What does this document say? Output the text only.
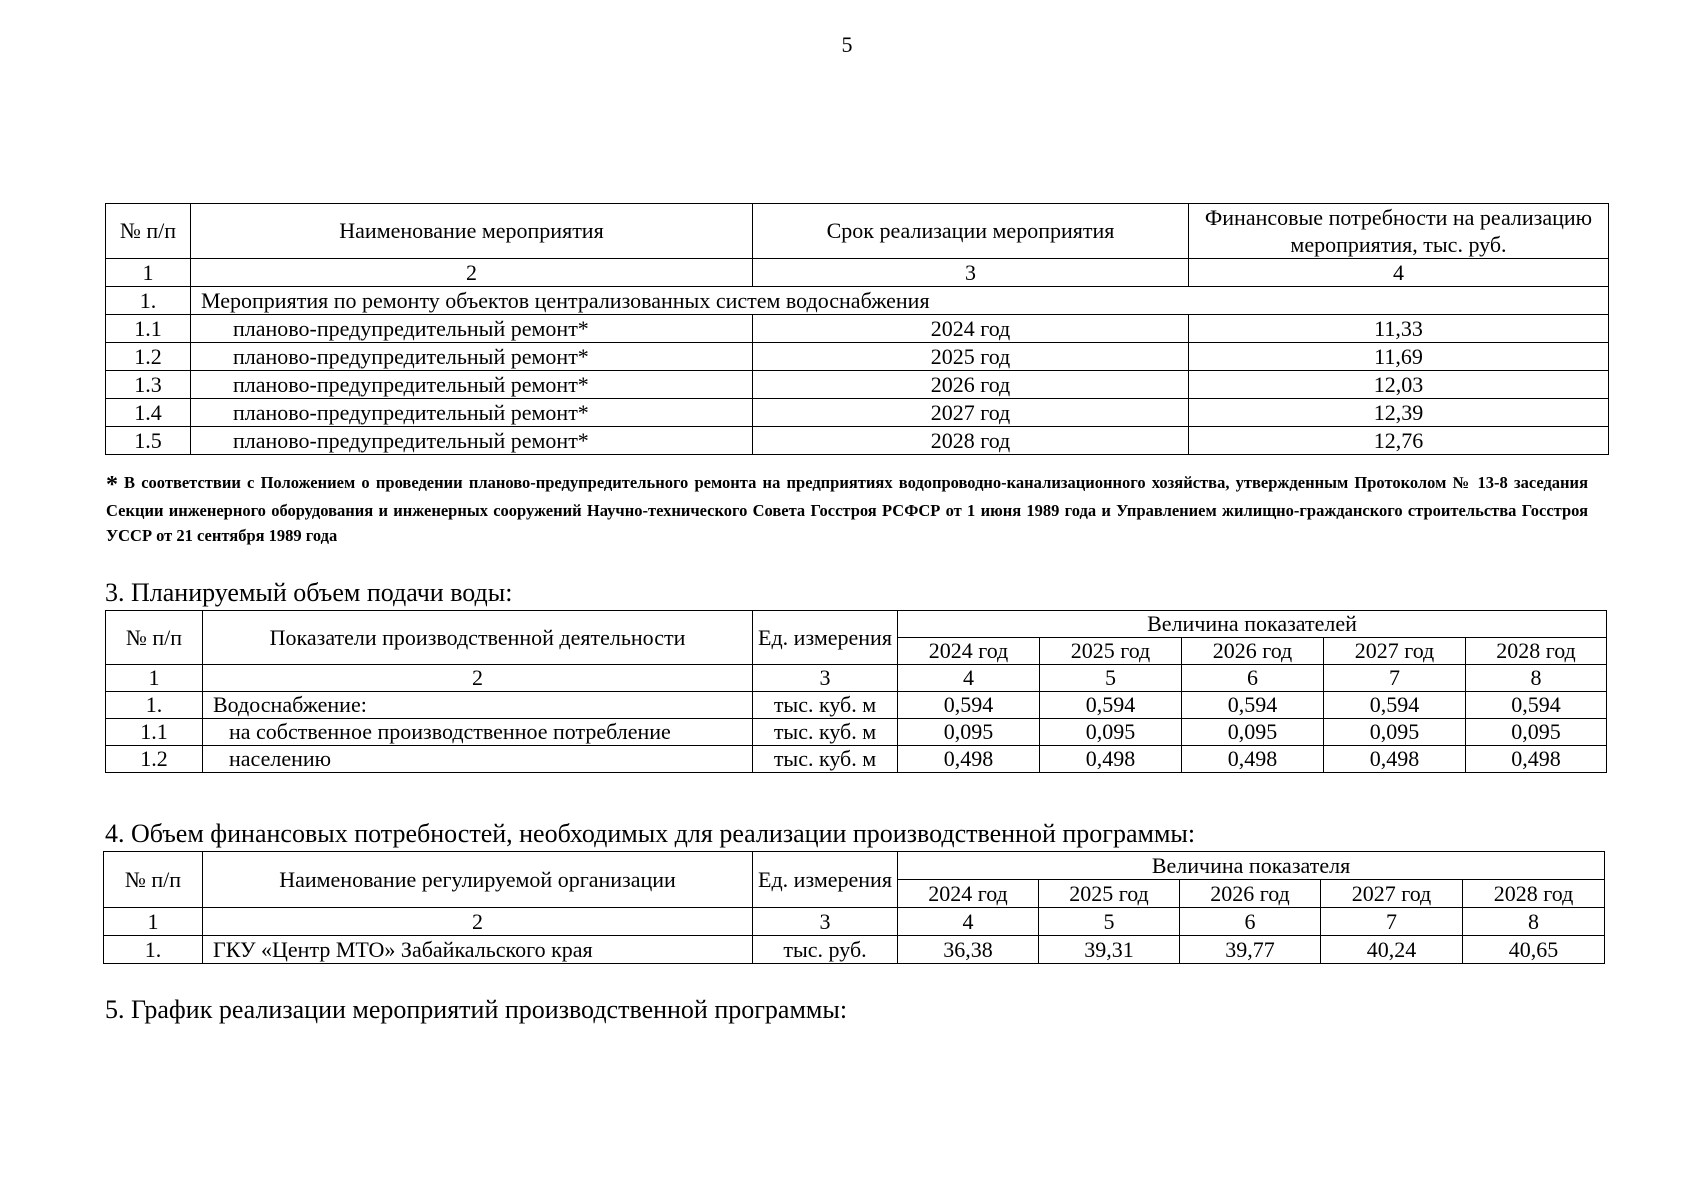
5
№ п/п	Наименование мероприятия	Срок реализации мероприятия	Финансовые потребности на реализацию мероприятия, тыс. руб.
1	2	3	4
1.	Мероприятия по ремонту объектов централизованных систем водоснабжения		
1.1	планово-предупредительный ремонт*	2024 год	11,33
1.2	планово-предупредительный ремонт*	2025 год	11,69
1.3	планово-предупредительный ремонт*	2026 год	12,03
1.4	планово-предупредительный ремонт*	2027 год	12,39
1.5	планово-предупредительный ремонт*	2028 год	12,76
* В соответствии с Положением о проведении планово-предупредительного ремонта на предприятиях водопроводно-канализационного хозяйства, утвержденным Протоколом № 13-8 заседания Секции инженерного оборудования и инженерных сооружений Научно-технического Совета Госстроя РСФСР от 1 июня 1989 года и Управлением жилищно-гражданского строительства Госстроя УССР от 21 сентября 1989 года
3. Планируемый объем подачи воды:
№ п/п	Показатели производственной деятельности	Ед. измерения	Величина показателей				
			2024 год	2025 год	2026 год	2027 год	2028 год
1	2	3	4	5	6	7	8
1.	Водоснабжение:	тыс. куб. м	0,594	0,594	0,594	0,594	0,594
1.1	на собственное производственное потребление	тыс. куб. м	0,095	0,095	0,095	0,095	0,095
1.2	населению	тыс. куб. м	0,498	0,498	0,498	0,498	0,498
4. Объем финансовых потребностей, необходимых для реализации производственной программы:
№ п/п	Наименование регулируемой организации	Ед. измерения	Величина показателя				
			2024 год	2025 год	2026 год	2027 год	2028 год
1	2	3	4	5	6	7	8
1.	ГКУ «Центр МТО» Забайкальского края	тыс. руб.	36,38	39,31	39,77	40,24	40,65
5. График реализации мероприятий производственной программы:
